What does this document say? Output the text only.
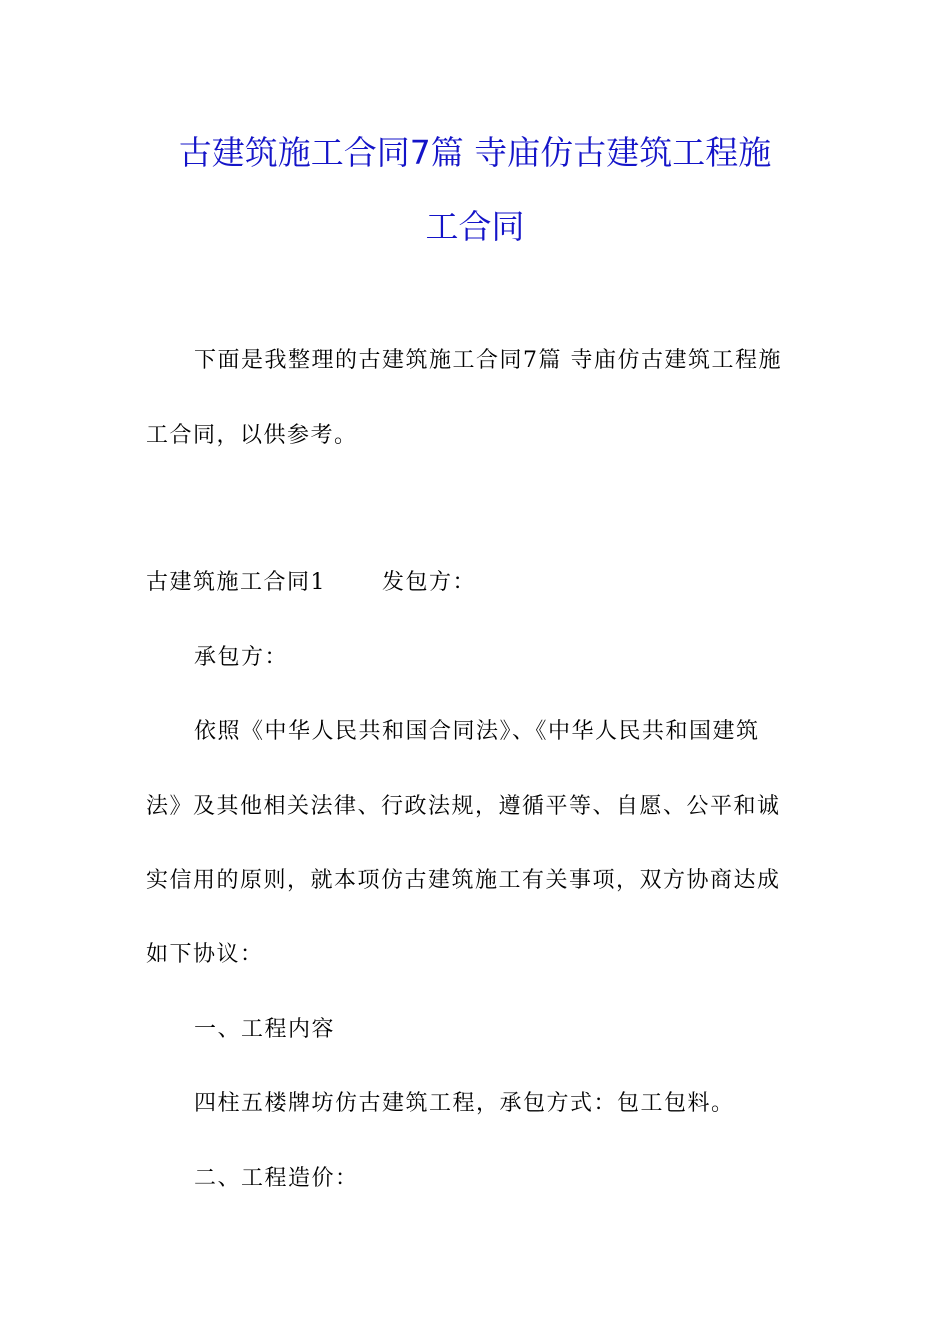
古建筑施工合同7篇 寺庙仿古建筑工程施
工合同

下面是我整理的古建筑施工合同7篇 寺庙仿古建筑工程施

工合同，以供参考。

古建筑施工合同1	发包方：

承包方：

依照《中华人民共和国合同法》、《中华人民共和国建筑

法》及其他相关法律、行政法规，遵循平等、自愿、公平和诚

实信用的原则，就本项仿古建筑施工有关事项，双方协商达成

如下协议：

一、工程内容

四柱五楼牌坊仿古建筑工程，承包方式：包工包料。

二、工程造价：
